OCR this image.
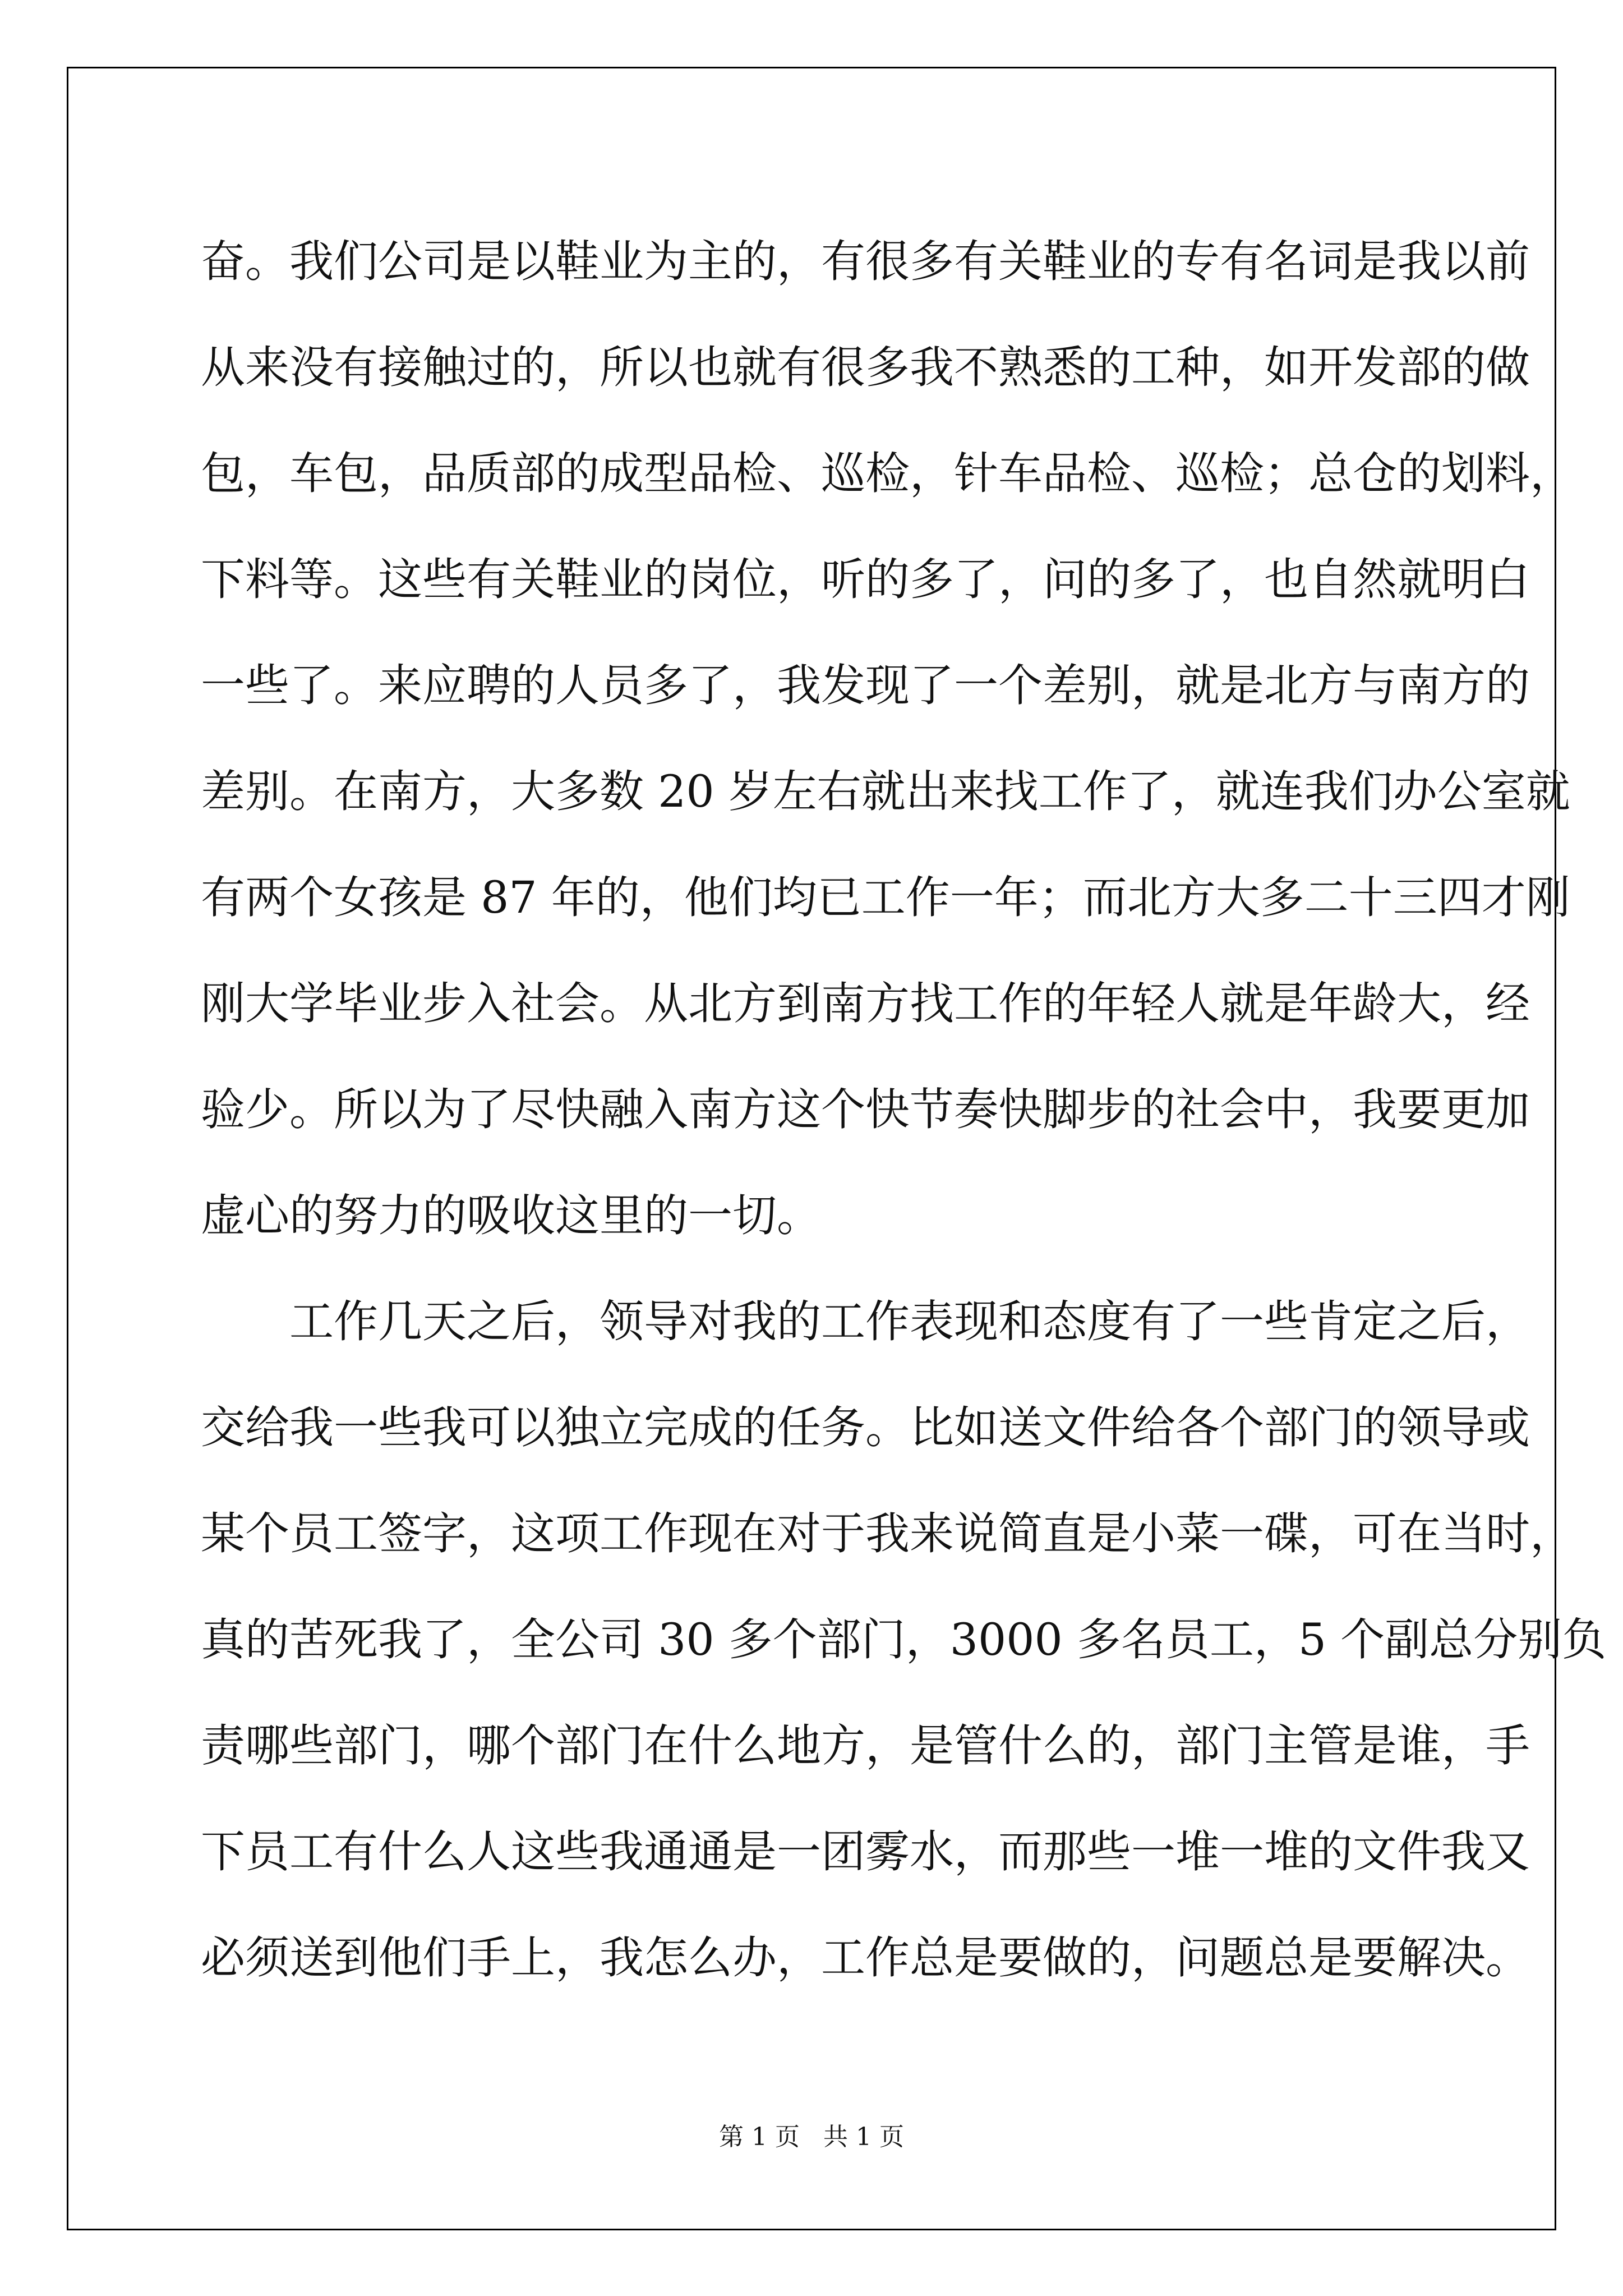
奋。我们公司是以鞋业为主的，有很多有关鞋业的专有名词是我以前
从来没有接触过的，所以也就有很多我不熟悉的工种，如开发部的做
包，车包，品质部的成型品检、巡检，针车品检、巡检；总仓的划料，
下料等。这些有关鞋业的岗位，听的多了，问的多了，也自然就明白
一些了。来应聘的人员多了，我发现了一个差别，就是北方与南方的
差别。在南方，大多数 20 岁左右就出来找工作了，就连我们办公室就
有两个女孩是 87 年的，他们均已工作一年；而北方大多二十三四才刚
刚大学毕业步入社会。从北方到南方找工作的年轻人就是年龄大，经
验少。所以为了尽快融入南方这个快节奏快脚步的社会中，我要更加
虚心的努力的吸收这里的一切。
工作几天之后，领导对我的工作表现和态度有了一些肯定之后，
交给我一些我可以独立完成的任务。比如送文件给各个部门的领导或
某个员工签字，这项工作现在对于我来说简直是小菜一碟，可在当时，
真的苦死我了，全公司 30 多个部门，3000 多名员工，5 个副总分别负
责哪些部门，哪个部门在什么地方，是管什么的，部门主管是谁，手
下员工有什么人这些我通通是一团雾水，而那些一堆一堆的文件我又
必须送到他们手上，我怎么办，工作总是要做的，问题总是要解决。
第 1 页   共 1 页
